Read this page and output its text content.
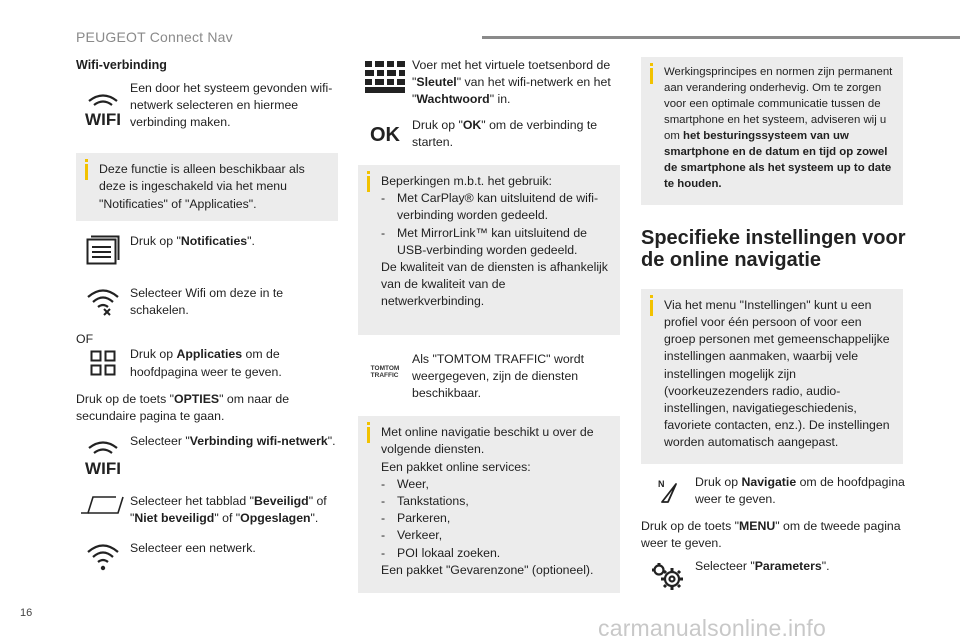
PEUGEOT Connect Nav
Wifi-verbinding
WIFI
Een door het systeem gevonden wifi-netwerk selecteren en hiermee verbinding maken.
Deze functie is alleen beschikbaar als deze is ingeschakeld via het menu "Notificaties" of "Applicaties".
Druk op "Notificaties".
Selecteer Wifi om deze in te schakelen.
OF
Druk op Applicaties om de hoofdpagina weer te geven.
Druk op de toets "OPTIES" om naar de secundaire pagina te gaan.
WIFI
Selecteer "Verbinding wifi-netwerk".
Selecteer het tabblad "Beveiligd" of "Niet beveiligd" of "Opgeslagen".
Selecteer een netwerk.
Voer met het virtuele toetsenbord de "Sleutel" van het wifi-netwerk en het "Wachtwoord" in.
OK Druk op "OK" om de verbinding te starten.
Beperkingen m.b.t. het gebruik:
- Met CarPlay® kan uitsluitend de wifi-verbinding worden gedeeld.
- Met MirrorLink™ kan uitsluitend de USB-verbinding worden gedeeld.
De kwaliteit van de diensten is afhankelijk van de kwaliteit van de netwerkverbinding.
TOMTOM
TRAFFIC
Als "TOMTOM TRAFFIC" wordt weergegeven, zijn de diensten beschikbaar.
Met online navigatie beschikt u over de volgende diensten.
Een pakket online services:
- Weer,
- Tankstations,
- Parkeren,
- Verkeer,
- POI lokaal zoeken.
Een pakket "Gevarenzone" (optioneel).
Werkingsprincipes en normen zijn permanent aan verandering onderhevig. Om te zorgen voor een optimale communicatie tussen de smartphone en het systeem, adviseren wij u om het besturingssysteem van uw smartphone en de datum en tijd op zowel de smartphone als het systeem up to date te houden.
Specifieke instellingen voor
de online navigatie
Via het menu "Instellingen" kunt u een profiel voor één persoon of voor een groep personen met gemeenschappelijke instellingen aanmaken, waarbij vele instellingen mogelijk zijn (voorkeuzezenders radio, audio-instellingen, navigatiegeschiedenis, favoriete contacten, enz.). De instellingen worden automatisch aangepast.
N Druk op Navigatie om de hoofdpagina weer te geven.
Druk op de toets "MENU" om de tweede pagina weer te geven.
Selecteer "Parameters".
16
carmanualsonline.info
